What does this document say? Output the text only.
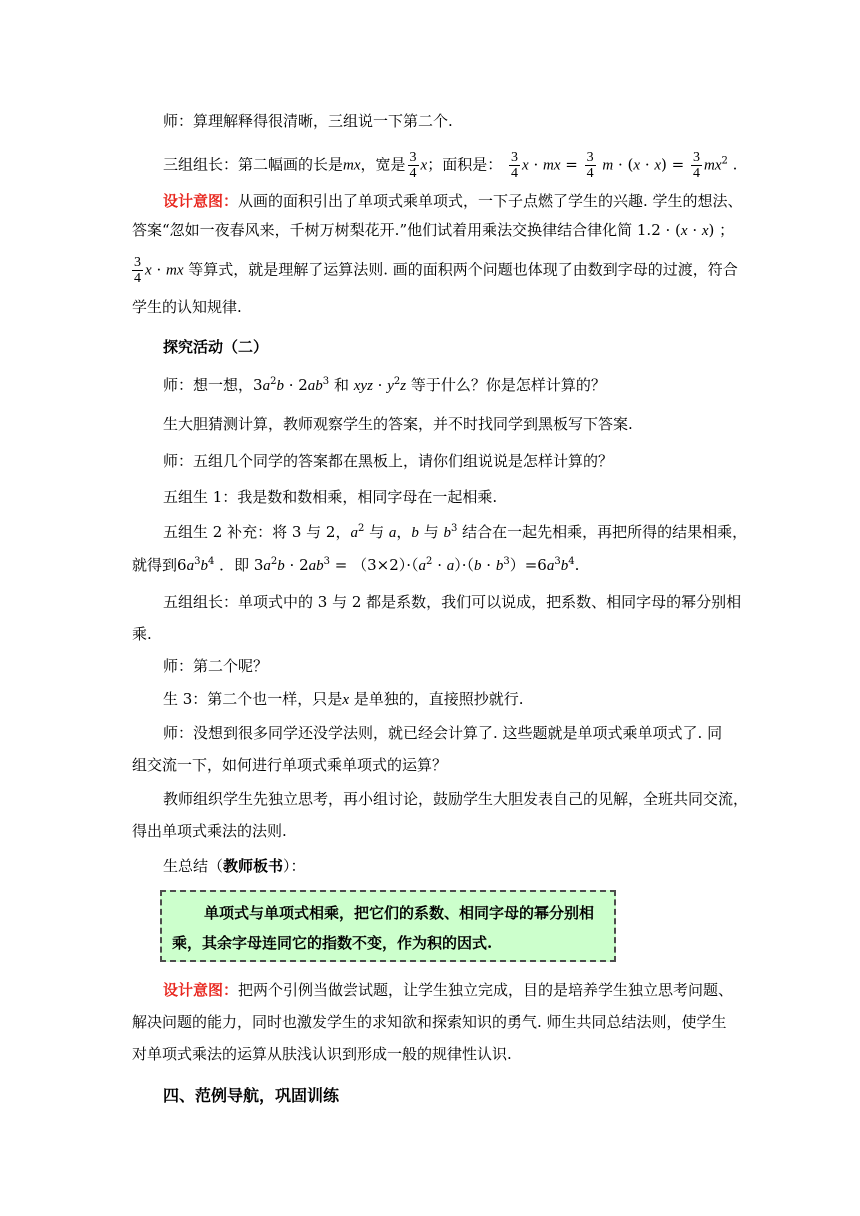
师：算理解释得很清晰，三组说一下第二个.
三组组长：第二幅画的长是mx，宽是 $\frac{3}{4}$ x；面积是： $\frac{3}{4}$ x · mx = $\frac{3}{4}$ $m \cdot (x \cdot x) = \frac{3}{4} mx^2$ .
设计意图：从画的面积引出了单项式乘单项式，一下子点燃了学生的兴趣. 学生的想法、
答案“忽如一夜春风来，千树万树梨花开.”他们试着用乘法交换律结合律化简 1.2 · (x · x) ；
$\frac{3}{4}$ x · mx 等算式，就是理解了运算法则. 画的面积两个问题也体现了由数到字母的过渡，符合
学生的认知规律.
探究活动（二）
师：想一想，$3a^2b \cdot 2ab^3$ 和 xyz · $y^2z$ 等于什么？你是怎样计算的？
生大胆猜测计算，教师观察学生的答案，并不时找同学到黑板写下答案.
师：五组几个同学的答案都在黑板上，请你们组说说是怎样计算的？
五组生 1：我是数和数相乘，相同字母在一起相乘.
五组生 2 补充：将 3 与 2，$a^2$ 与 a，b 与 $b^3$ 结合在一起先相乘，再把所得的结果相乘，
就得到$6a^3b^4$ ．即 $3a^2b \cdot 2ab^3 = (3\times 2)\cdot(a^2 \cdot a)\cdot(b \cdot b^3)=6a^3b^4$.
五组组长：单项式中的 3 与 2 都是系数，我们可以说成，把系数、相同字母的幂分别相
乘.
师：第二个呢？
生 3：第二个也一样，只是x 是单独的，直接照抄就行.
师：没想到很多同学还没学法则，就已经会计算了. 这些题就是单项式乘单项式了. 同
组交流一下，如何进行单项式乘单项式的运算？
教师组织学生先独立思考，再小组讨论，鼓励学生大胆发表自己的见解，全班共同交流，
得出单项式乘法的法则.
生总结（教师板书）：
单项式与单项式相乘，把它们的系数、相同字母的幂分别相
乘，其余字母连同它的指数不变，作为积的因式.
设计意图：把两个引例当做尝试题，让学生独立完成，目的是培养学生独立思考问题、
解决问题的能力，同时也激发学生的求知欲和探索知识的勇气. 师生共同总结法则，使学生
对单项式乘法的运算从肤浅认识到形成一般的规律性认识.
四、范例导航，巩固训练
